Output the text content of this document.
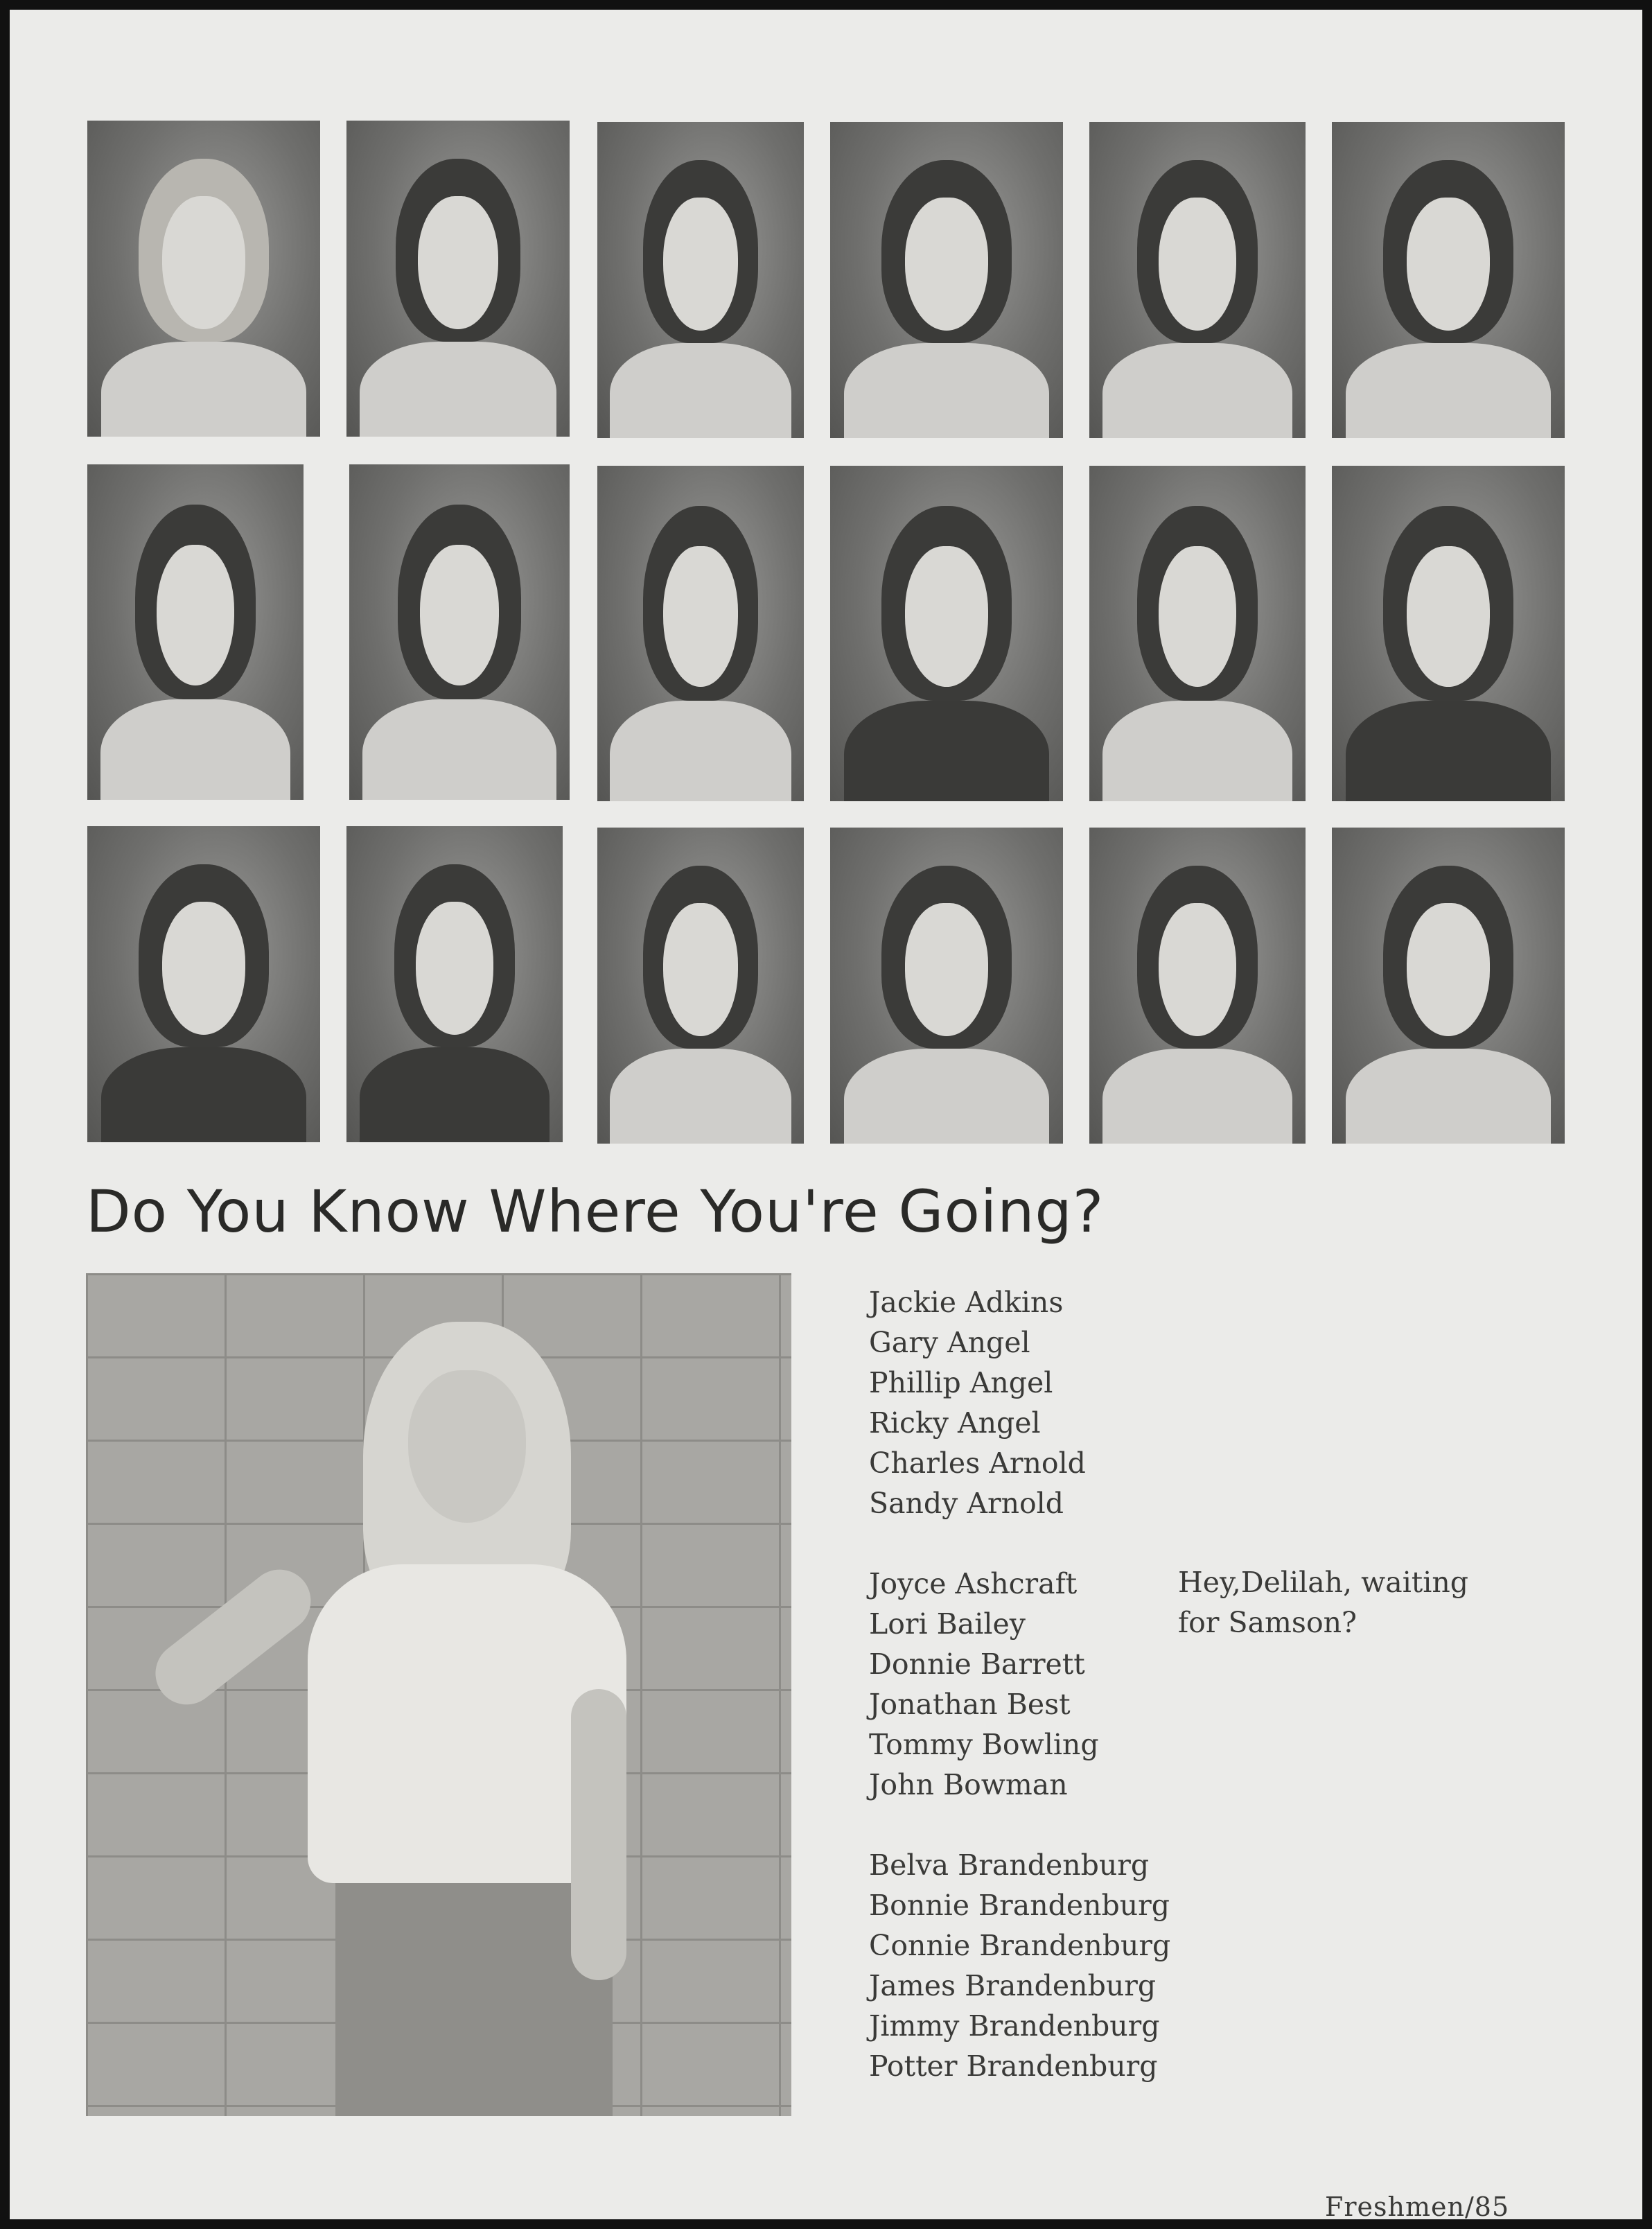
Do You Know Where You're Going?
Jackie Adkins
Gary Angel
Phillip Angel
Ricky Angel
Charles Arnold
Sandy Arnold
Joyce Ashcraft
Lori Bailey
Donnie Barrett
Jonathan Best
Tommy Bowling
John Bowman
Belva Brandenburg
Bonnie Brandenburg
Connie Brandenburg
James Brandenburg
Jimmy Brandenburg
Potter Brandenburg
Hey,Delilah, waiting
for Samson?
Freshmen/85
